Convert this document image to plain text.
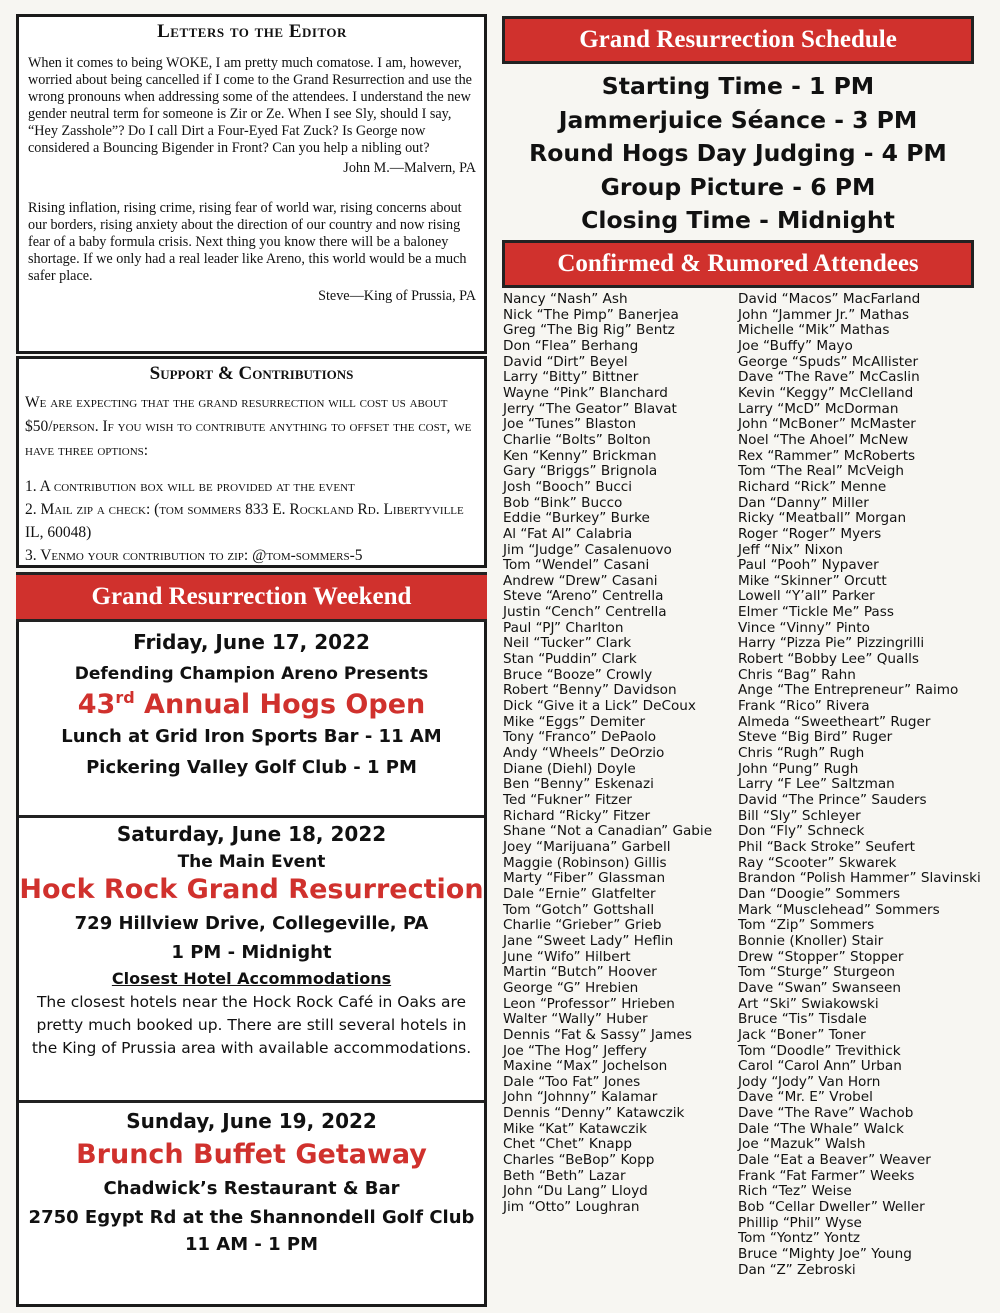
Letters to the Editor

When it comes to being WOKE, I am pretty much comatose. I am, however, worried about being cancelled if I come to the Grand Resurrection and use the wrong pronouns when addressing some of the attendees. I understand the new gender neutral term for someone is Zir or Ze. When I see Sly, should I say, “Hey Zasshole”? Do I call Dirt a Four-Eyed Fat Zuck? Is George now considered a Bouncing Bigender in Front? Can you help a nibling out?

John M.—Malvern, PA

Rising inflation, rising crime, rising fear of world war, rising concerns about our borders, rising anxiety about the direction of our country and now rising fear of a baby formula crisis. Next thing you know there will be a baloney shortage. If we only had a real leader like Areno, this world would be a much safer place.

Steve—King of Prussia, PA

Support & Contributions

We are expecting that the grand resurrection will cost us about $50/person. If you wish to contribute anything to offset the cost, we have three options:

1. A contribution box will be provided at the event
2. Mail zip a check: (tom sommers 833 E. Rockland Rd. Libertyville IL, 60048)
3. Venmo your contribution to zip: @tom-sommers-5
Grand Resurrection Weekend
Friday, June 17, 2022
Defending Champion Areno Presents
43rd Annual Hogs Open
Lunch at Grid Iron Sports Bar - 11 AM
Pickering Valley Golf Club - 1 PM
Saturday, June 18, 2022
The Main Event
Hock Rock Grand Resurrection
729 Hillview Drive, Collegeville, PA
1 PM - Midnight
Closest Hotel Accommodations
The closest hotels near the Hock Rock Café in Oaks are pretty much booked up. There are still several hotels in the King of Prussia area with available accommodations.
Sunday, June 19, 2022
Brunch Buffet Getaway
Chadwick’s Restaurant & Bar
2750 Egypt Rd at the Shannondell Golf Club
11 AM - 1 PM
Grand Resurrection Schedule
Starting Time - 1 PM
Jammerjuice Séance - 3 PM
Round Hogs Day Judging - 4 PM
Group Picture - 6 PM
Closing Time - Midnight
Confirmed & Rumored Attendees
Nancy “Nash” Ash
Nick “The Pimp” Banerjea
Greg “The Big Rig” Bentz
Don “Flea” Berhang
David “Dirt” Beyel
Larry “Bitty” Bittner
Wayne “Pink” Blanchard
Jerry “The Geator” Blavat
Joe “Tunes” Blaston
Charlie “Bolts” Bolton
Ken “Kenny” Brickman
Gary “Briggs” Brignola
Josh “Booch” Bucci
Bob “Bink” Bucco
Eddie “Burkey” Burke
Al “Fat Al” Calabria
Jim “Judge” Casalenuovo
Tom “Wendel” Casani
Andrew “Drew” Casani
Steve “Areno” Centrella
Justin “Cench” Centrella
Paul “PJ” Charlton
Neil “Tucker” Clark
Stan “Puddin” Clark
Bruce “Booze” Crowly
Robert “Benny” Davidson
Dick “Give it a Lick” DeCoux
Mike “Eggs” Demiter
Tony “Franco” DePaolo
Andy “Wheels” DeOrzio
Diane (Diehl) Doyle
Ben “Benny” Eskenazi
Ted “Fukner” Fitzer
Richard “Ricky” Fitzer
Shane “Not a Canadian” Gabie
Joey “Marijuana” Garbell
Maggie (Robinson) Gillis
Marty “Fiber” Glassman
Dale “Ernie” Glatfelter
Tom “Gotch” Gottshall
Charlie “Grieber” Grieb
Jane “Sweet Lady” Heflin
June “Wifo” Hilbert
Martin “Butch” Hoover
George “G” Hrebien
Leon “Professor” Hrieben
Walter “Wally” Huber
Dennis “Fat & Sassy” James
Joe “The Hog” Jeffery
Maxine “Max” Jochelson
Dale “Too Fat” Jones
John “Johnny” Kalamar
Dennis “Denny” Katawczik
Mike “Kat” Katawczik
Chet “Chet” Knapp
Charles “BeBop” Kopp
Beth “Beth” Lazar
John “Du Lang” Lloyd
Jim “Otto” Loughran
David “Macos” MacFarland
John “Jammer Jr.” Mathas
Michelle “Mik” Mathas
Joe “Buffy” Mayo
George “Spuds” McAllister
Dave “The Rave” McCaslin
Kevin “Keggy” McClelland
Larry “McD” McDorman
John “McBoner” McMaster
Noel “The Ahoel” McNew
Rex “Rammer” McRoberts
Tom “The Real” McVeigh
Richard “Rick” Menne
Dan “Danny” Miller
Ricky “Meatball” Morgan
Roger “Roger” Myers
Jeff “Nix” Nixon
Paul “Pooh” Nypaver
Mike “Skinner” Orcutt
Lowell “Y’all” Parker
Elmer “Tickle Me” Pass
Vince “Vinny” Pinto
Harry “Pizza Pie” Pizzingrilli
Robert “Bobby Lee” Qualls
Chris “Bag” Rahn
Ange “The Entrepreneur” Raimo
Frank “Rico” Rivera
Almeda “Sweetheart” Ruger
Steve “Big Bird” Ruger
Chris “Rugh” Rugh
John “Pung” Rugh
Larry “F Lee” Saltzman
David “The Prince” Sauders
Bill “Sly” Schleyer
Don “Fly” Schneck
Phil “Back Stroke” Seufert
Ray “Scooter” Skwarek
Brandon “Polish Hammer” Slavinski
Dan “Doogie” Sommers
Mark “Musclehead” Sommers
Tom “Zip” Sommers
Bonnie (Knoller) Stair
Drew “Stopper” Stopper
Tom “Sturge” Sturgeon
Dave “Swan” Swanseen
Art “Ski” Swiakowski
Bruce “Tis” Tisdale
Jack “Boner” Toner
Tom “Doodle” Trevithick
Carol “Carol Ann” Urban
Jody “Jody” Van Horn
Dave “Mr. E” Vrobel
Dave “The Rave” Wachob
Dale “The Whale” Walck
Joe “Mazuk” Walsh
Dale “Eat a Beaver” Weaver
Frank “Fat Farmer” Weeks
Rich “Tez” Weise
Bob “Cellar Dweller” Weller
Phillip “Phil” Wyse
Tom “Yontz” Yontz
Bruce “Mighty Joe” Young
Dan “Z” Zebroski
